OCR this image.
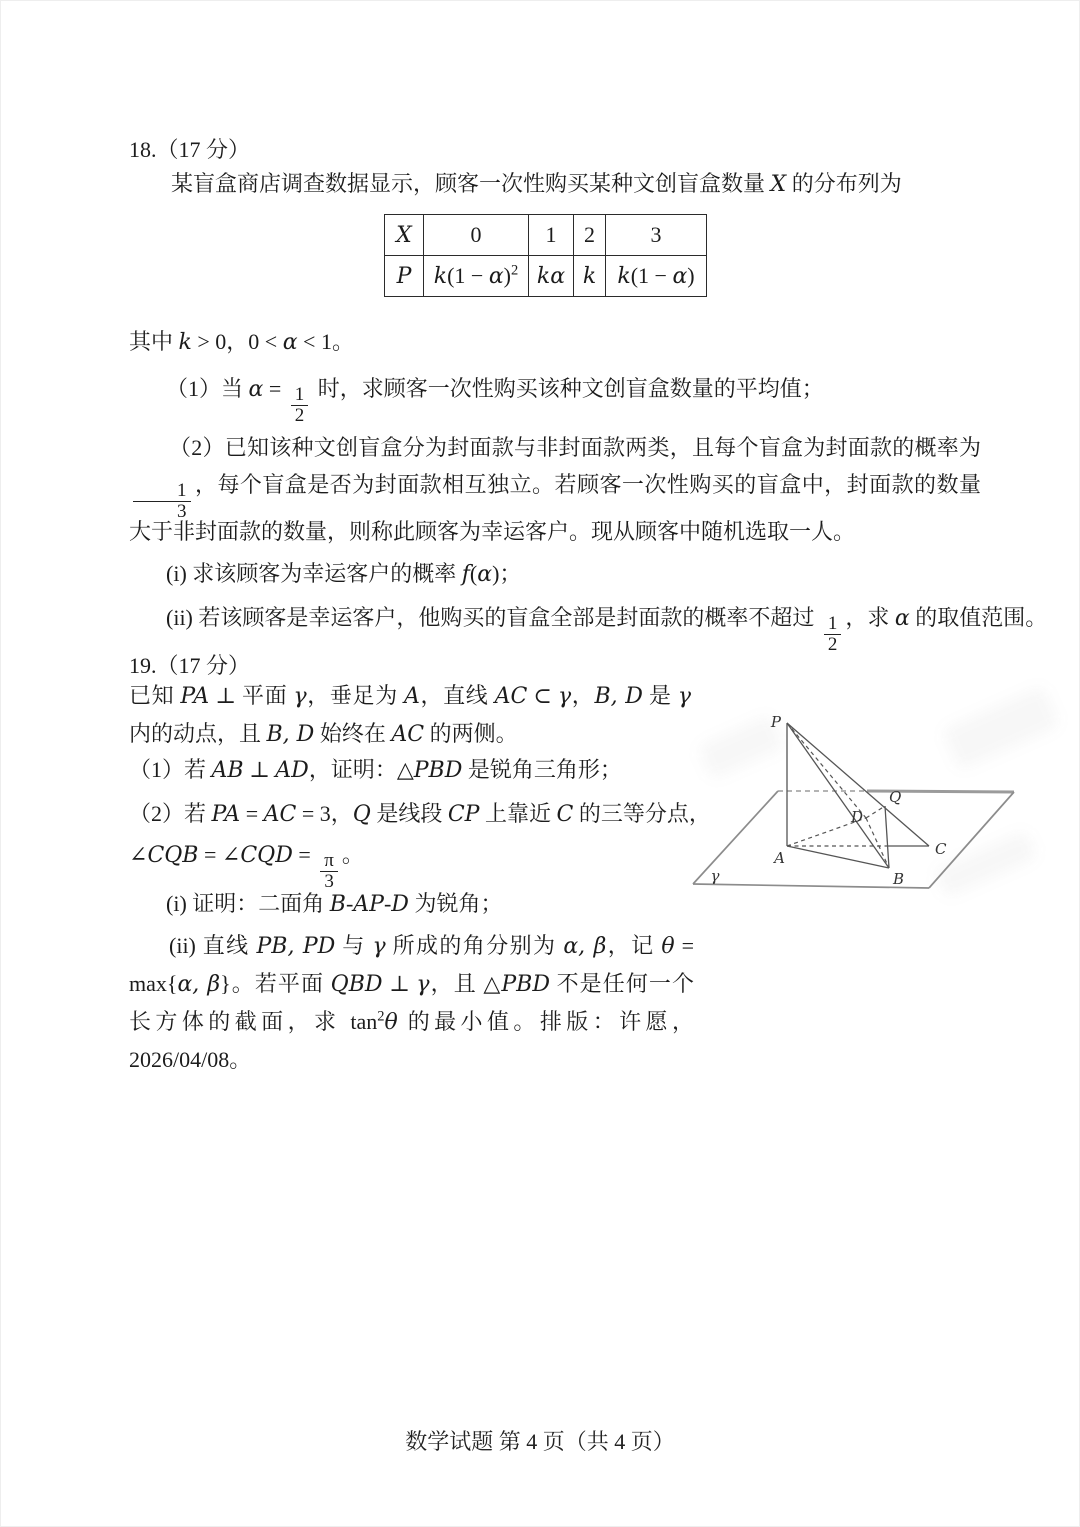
18.（17 分）
某盲盒商店调查数据显示，顾客一次性购买某种文创盲盒数量 X 的分布列为
X	0	1	2	3
P	$k(1 - \alpha)^2$	kα	k	k(1 − α)
其中 k > 0，0 < α < 1。
（1）当 α =
$\frac{1}{2}$
时，求顾客一次性购买该种文创盲盒数量的平均值；
（2）已知该种文创盲盒分为封面款与非封面款两类，且每个盲盒为封面款的概率为
$\frac{1}{3}$
，每个盲盒是否为封面款相互独立。若顾客一次性购买的盲盒中，封面款的数量大于非封面款的数量，则称此顾客为幸运客户。现从顾客中随机选取一人。
(i) 求该顾客为幸运客户的概率 f(α)；
(ii) 若该顾客是幸运客户，他购买的盲盒全部是封面款的概率不超过
$\frac{1}{2}$
，求 α 的取值范围。
19.（17 分）
已知 PA ⊥ 平面 γ，垂足为 A，直线 AC ⊂ γ，B, D 是 γ 内的动点，且 B, D 始终在 AC 的两侧。
（1）若 AB ⊥ AD，证明：△PBD 是锐角三角形；
（2）若 PA = AC = 3，Q 是线段 CP 上靠近 C 的三等分点，
∠CQB = ∠CQD =
$\frac{\pi}{3}$
。
(i) 证明：二面角 B-AP-D 为锐角；
(ii) 直线 PB, PD 与 γ 所成的角分别为 α, β，记 θ = max{α, β}。若平面 QBD ⊥ γ，且 △PBD 不是任何一个长方体的截面，求 $\tan^2\theta$ 的最小值。排版：许愿，2026/04/08。
P
A
B
C
D
Q
γ
数学试题 第 4 页（共 4 页）
